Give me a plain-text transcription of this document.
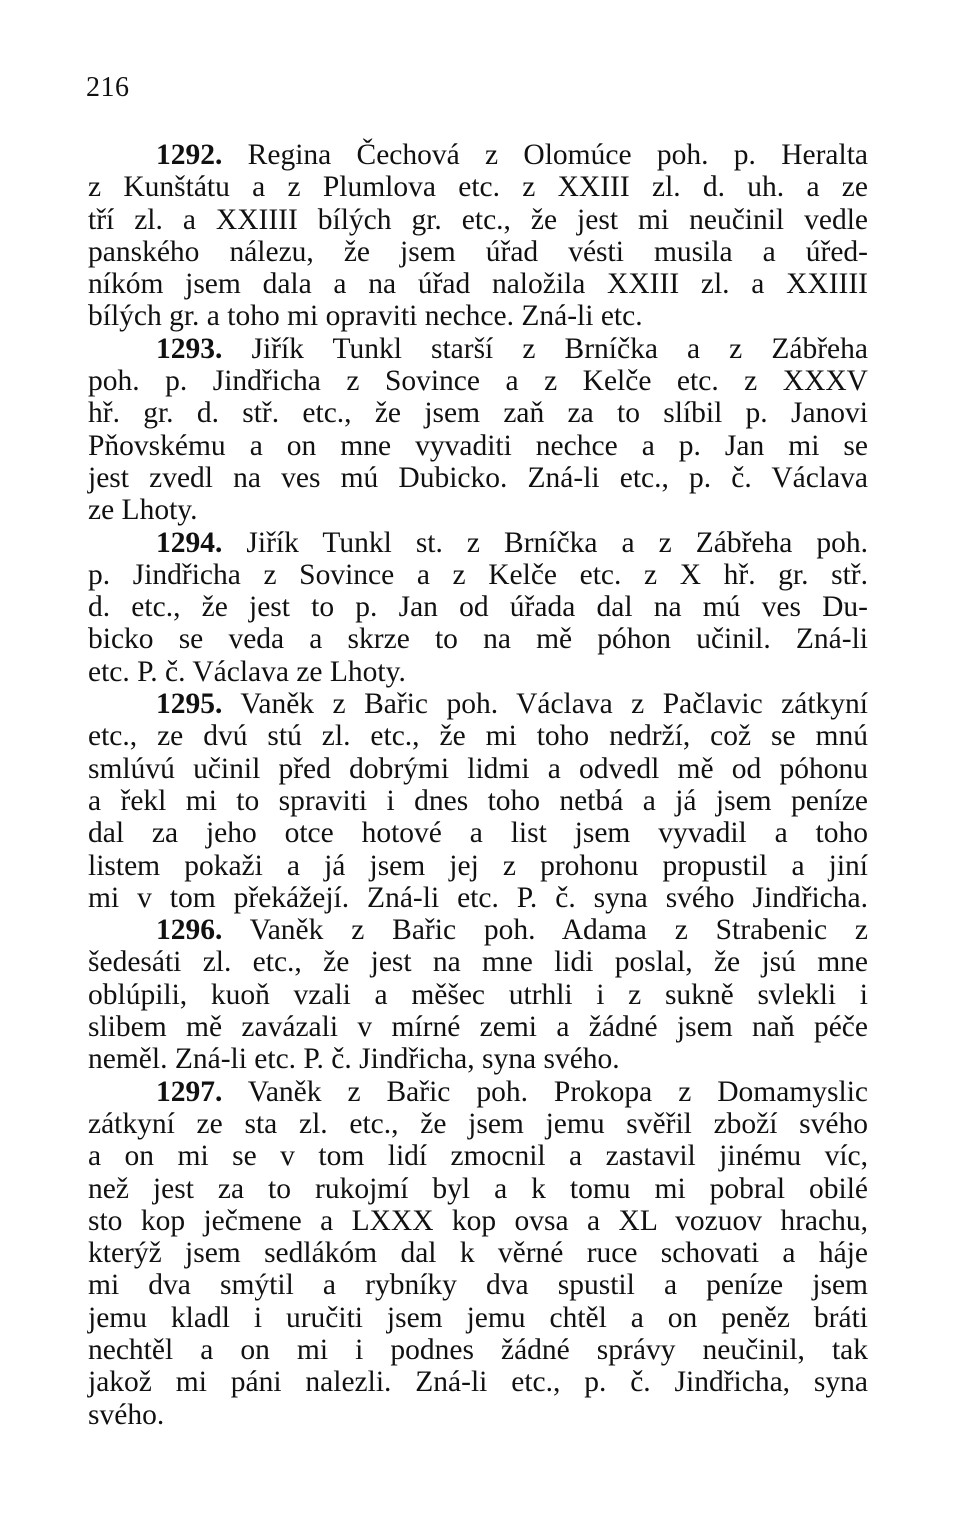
216
1292. Regina Čechová z Olomúce poh. p. Heralta
z Kunštátu a z Plumlova etc. z XXIII zl. d. uh. a ze
tří zl. a XXIIII bílých gr. etc., že jest mi neučinil vedle
panského nálezu, že jsem úřad vésti musila a úřed-
níkóm jsem dala a na úřad naložila XXIII zl. a XXIIII
bílých gr. a toho mi opraviti nechce. Zná-li etc.
1293. Jiřík Tunkl starší z Brníčka a z Zábřeha
poh. p. Jindřicha z Sovince a z Kelče etc. z XXXV
hř. gr. d. stř. etc., že jsem zaň za to slíbil p. Janovi
Pňovskému a on mne vyvaditi nechce a p. Jan mi se
jest zvedl na ves mú Dubicko. Zná-li etc., p. č. Václava
ze Lhoty.
1294. Jiřík Tunkl st. z Brníčka a z Zábřeha poh.
p. Jindřicha z Sovince a z Kelče etc. z X hř. gr. stř.
d. etc., že jest to p. Jan od úřada dal na mú ves Du-
bicko se veda a skrze to na mě póhon učinil. Zná-li
etc. P. č. Václava ze Lhoty.
1295. Vaněk z Bařic poh. Václava z Pačlavic zátkyní
etc., ze dvú stú zl. etc., že mi toho nedrží, což se mnú
smlúvú učinil před dobrými lidmi a odvedl mě od póhonu
a řekl mi to spraviti i dnes toho netbá a já jsem peníze
dal za jeho otce hotové a list jsem vyvadil a toho
listem pokaži a já jsem jej z prohonu propustil a jiní
mi v tom překážejí. Zná-li etc. P. č. syna svého Jindřicha.
1296. Vaněk z Bařic poh. Adama z Strabenic z
šedesáti zl. etc., že jest na mne lidi poslal, že jsú mne
oblúpili, kuoň vzali a měšec utrhli i z sukně svlekli i
slibem mě zavázali v mírné zemi a žádné jsem naň péče
neměl. Zná-li etc. P. č. Jindřicha, syna svého.
1297. Vaněk z Bařic poh. Prokopa z Domamyslic
zátkyní ze sta zl. etc., že jsem jemu svěřil zboží svého
a on mi se v tom lidí zmocnil a zastavil jinému víc,
než jest za to rukojmí byl a k tomu mi pobral obilé
sto kop ječmene a LXXX kop ovsa a XL vozuov hrachu,
kterýž jsem sedlákóm dal k věrné ruce schovati a háje
mi dva smýtil a rybníky dva spustil a peníze jsem
jemu kladl i uručiti jsem jemu chtěl a on peněz bráti
nechtěl a on mi i podnes žádné správy neučinil, tak
jakož mi páni nalezli. Zná-li etc., p. č. Jindřicha, syna
svého.
